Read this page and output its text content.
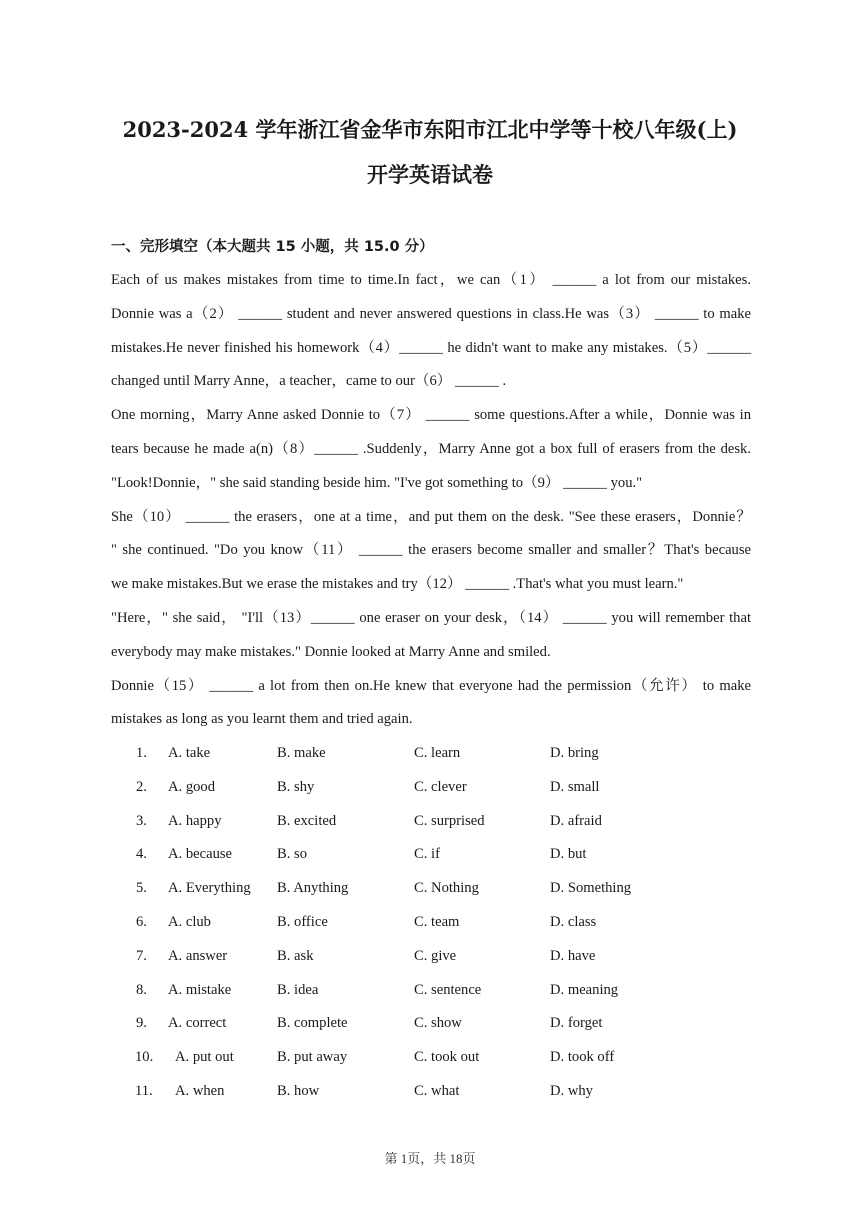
2023-2024 学年浙江省金华市东阳市江北中学等十校八年级(上)
开学英语试卷
一、完形填空（本大题共 15 小题，共 15.0 分）
Each of us makes mistakes from time to time.In fact，we can（1） ______ a lot from our mistakes.
Donnie was a（2） ______ student and never answered questions in class.He was（3） ______ to make
mistakes.He never finished his homework（4）______ he didn't want to make any mistakes.（5）______
changed until Marry Anne，a teacher，came to our（6） ______ .
One morning，Marry Anne asked Donnie to（7） ______ some questions.After a while，Donnie was in
tears because he made a(n)（8）______ .Suddenly，Marry Anne got a box full of erasers from the desk.
"Look!Donnie，" she said standing beside him. "I've got something to（9） ______ you."
She（10） ______ the erasers，one at a time，and put them on the desk. "See these erasers，Donnie？
" she continued. "Do you know（11） ______ the erasers become smaller and smaller？That's because
we make mistakes.But we erase the mistakes and try（12） ______ .That's what you must learn."
"Here，" she said， "I'll（13）______ one eraser on your desk，（14） ______ you will remember that
everybody may make mistakes." Donnie looked at Marry Anne and smiled.
Donnie（15） ______ a lot from then on.He knew that everyone had the permission（允许） to make
mistakes as long as you learnt them and tried again.
1. A. take	B. make	C. learn	D. bring
2. A. good	B. shy	C. clever	D. small
3. A. happy	B. excited	C. surprised	D. afraid
4. A. because	B. so	C. if	D. but
5. A. Everything B. Anything	C. Nothing	D. Something
6. A. club	B. office	C. team	D. class
7. A. answer	B. ask	C. give	D. have
8. A. mistake	B. idea	C. sentence	D. meaning
9. A. correct	B. complete	C. show	D. forget
10. A. put out	B. put away	C. took out	D. took off
11. A. when	B. how	C. what	D. why
第 1页，共 18页
